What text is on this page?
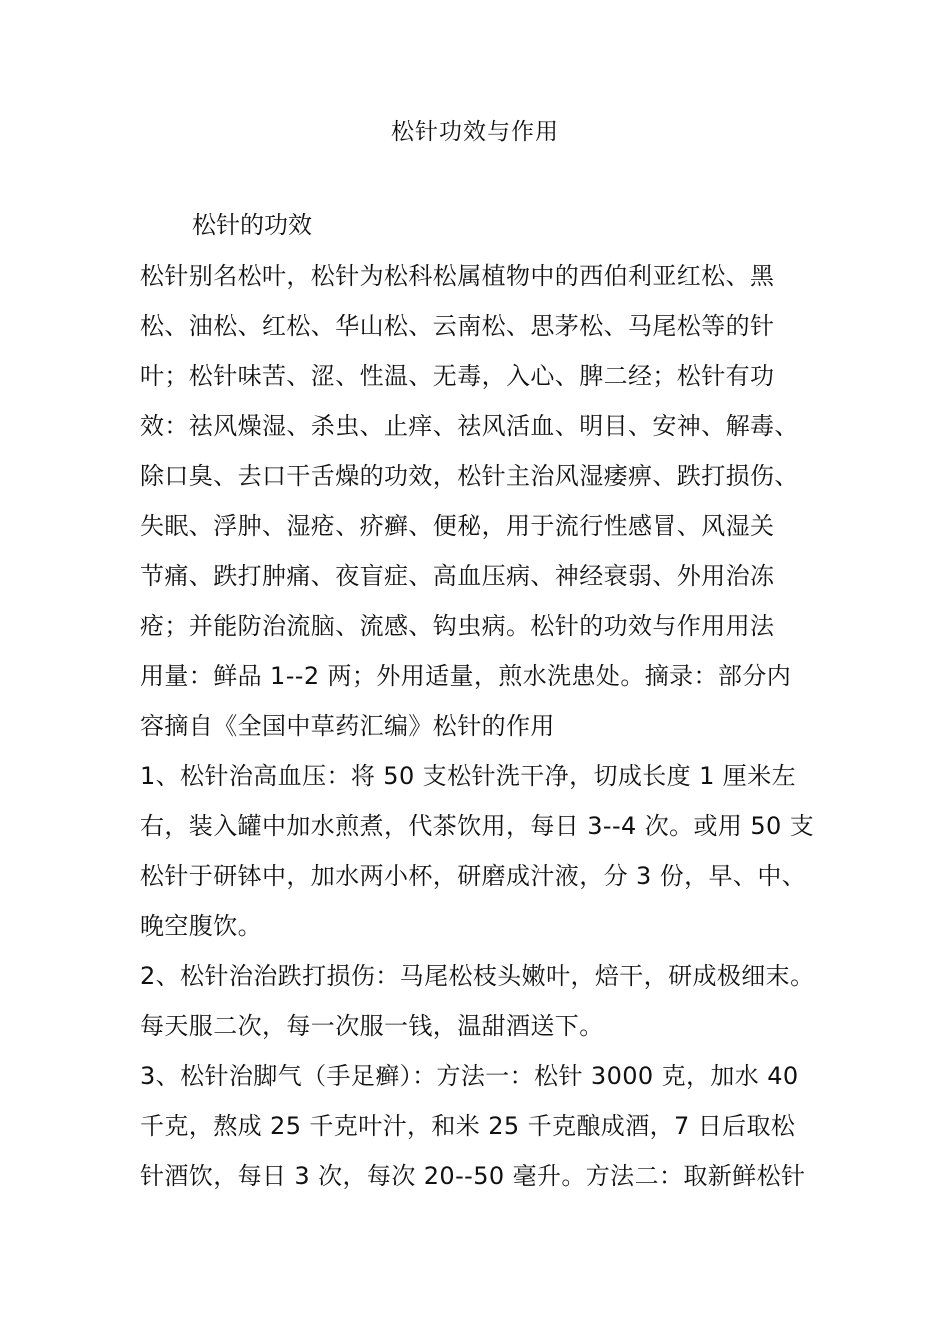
松针功效与作用
松针的功效
松针别名松叶，松针为松科松属植物中的西伯利亚红松、黑
松、油松、红松、华山松、云南松、思茅松、马尾松等的针
叶；松针味苦、涩、性温、无毒，入心、脾二经；松针有功
效：祛风燥湿、杀虫、止痒、祛风活血、明目、安神、解毒、
除口臭、去口干舌燥的功效，松针主治风湿痿痹、跌打损伤、
失眠、浮肿、湿疮、疥癣、便秘，用于流行性感冒、风湿关
节痛、跌打肿痛、夜盲症、高血压病、神经衰弱、外用治冻
疮；并能防治流脑、流感、钩虫病。松针的功效与作用用法
用量：鲜品 1--2 两；外用适量，煎水洗患处。摘录：部分内
容摘自《全国中草药汇编》松针的作用
1、松针治高血压：将 50 支松针洗干净，切成长度 1 厘米左
右，装入罐中加水煎煮，代茶饮用，每日 3--4 次。或用 50 支
松针于研钵中，加水两小杯，研磨成汁液，分 3 份，早、中、
晚空腹饮。
2、松针治治跌打损伤：马尾松枝头嫩叶，焙干，研成极细末。
每天服二次，每一次服一钱，温甜酒送下。
3、松针治脚气（手足癣）：方法一：松针 3000 克，加水 40
千克，熬成 25 千克叶汁，和米 25 千克酿成酒，7 日后取松
针酒饮，每日 3 次，每次 20--50 毫升。方法二：取新鲜松针
